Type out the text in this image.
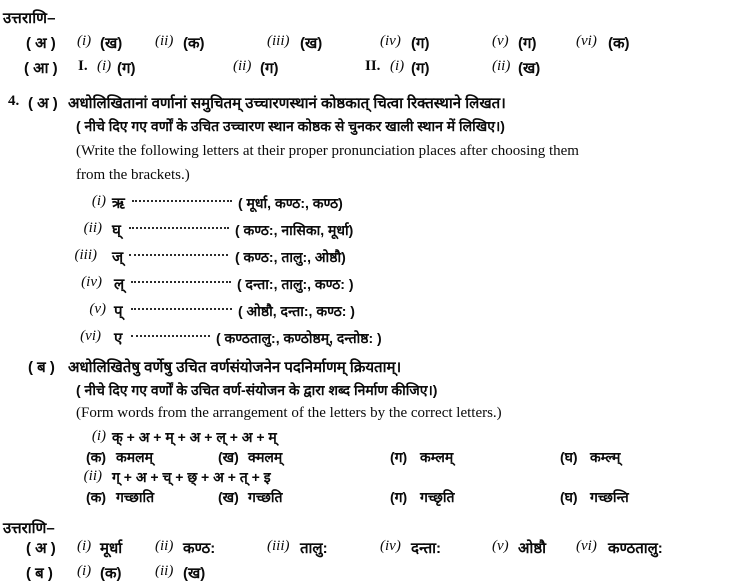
उत्तराणि–
( अ ) (i) (ख) (ii) (क)	(iii) (ख)	(iv) (ग)	(v) (ग)	(vi) (क)
( आ ) I. (i) (ग)	(ii) (ग)	II. (i) (ग)	(ii) (ख)
4. ( अ ) अधोलिखितानां वर्णानां समुचितम् उच्चारणस्थानं कोष्ठकात् चित्वा रिक्तस्थाने लिखत।
( नीचे दिए गए वर्णों के उचित उच्चारण स्थान कोष्ठक से चुनकर खाली स्थान में लिखिए।)
(Write the following letters at their proper pronunciation places after choosing them
from the brackets.)
(i) ऋ	( मूर्धा, कण्ठ:, कण्ठ)
(ii) घ्	( कण्ठ:, नासिका, मूर्धा)
(iii) ज्	( कण्ठ:, तालु:, ओष्ठौ)
(iv) ल्	( दन्ता:, तालु:, कण्ठ: )
(v) प्	( ओष्ठौ, दन्ता:, कण्ठ: )
(vi) ए	( कण्ठतालु:, कण्ठोष्ठम्, दन्तोष्ठ: )
( ब ) अधोलिखितेषु वर्णेषु उचित वर्णसंयोजनेन पदनिर्माणम् क्रियताम्।
( नीचे दिए गए वर्णों के उचित वर्ण-संयोजन के द्वारा शब्द निर्माण कीजिए।)
(Form words from the arrangement of the letters by the correct letters.)
(i) क् + अ + म् + अ + ल् + अ + म्
(क) कमलम्	(ख) क्मलम्	(ग) कम्लम्	(घ) कम्ल्म्
(ii) ग् + अ + च् + छ् + अ + त् + इ
(क) गच्छाति	(ख) गच्छति	(ग) गच्छृति	(घ) गच्छन्ति
उत्तराणि–
( अ ) (i) मूर्धा (ii) कण्ठ:	(iii) तालु:	(iv) दन्ता:	(v) ओष्ठौ (vi) कण्ठतालु:
( ब ) (i) (क) (ii) (ख)
